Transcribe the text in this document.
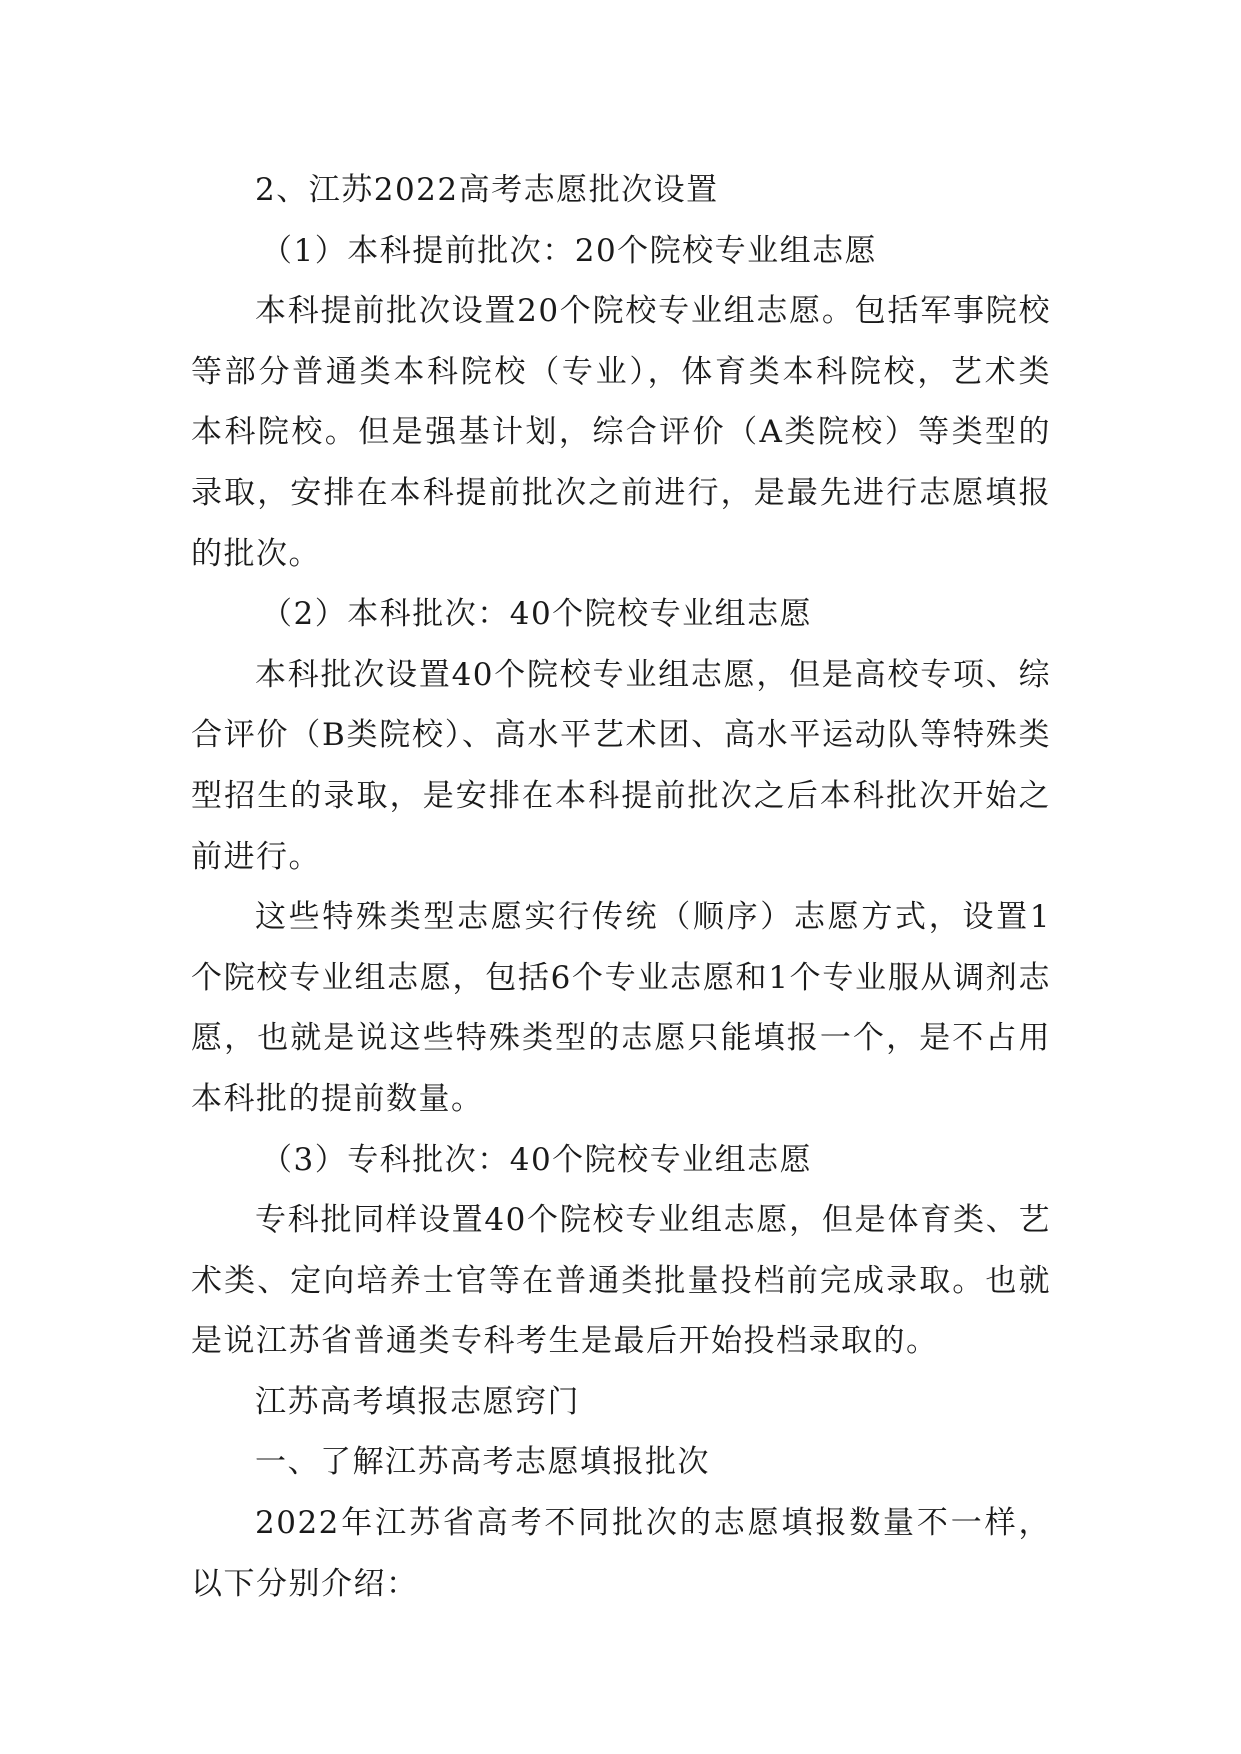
2、江苏2022高考志愿批次设置

（1）本科提前批次：20个院校专业组志愿

本科提前批次设置20个院校专业组志愿。包括军事院校等部分普通类本科院校（专业），体育类本科院校，艺术类本科院校。但是强基计划，综合评价（A类院校）等类型的录取，安排在本科提前批次之前进行，是最先进行志愿填报的批次。

（2）本科批次：40个院校专业组志愿

本科批次设置40个院校专业组志愿，但是高校专项、综合评价（B类院校）、高水平艺术团、高水平运动队等特殊类型招生的录取，是安排在本科提前批次之后本科批次开始之前进行。

这些特殊类型志愿实行传统（顺序）志愿方式，设置1个院校专业组志愿，包括6个专业志愿和1个专业服从调剂志愿，也就是说这些特殊类型的志愿只能填报一个，是不占用本科批的提前数量。

（3）专科批次：40个院校专业组志愿

专科批同样设置40个院校专业组志愿，但是体育类、艺术类、定向培养士官等在普通类批量投档前完成录取。也就是说江苏省普通类专科考生是最后开始投档录取的。

江苏高考填报志愿窍门

一、了解江苏高考志愿填报批次

2022年江苏省高考不同批次的志愿填报数量不一样，以下分别介绍：
